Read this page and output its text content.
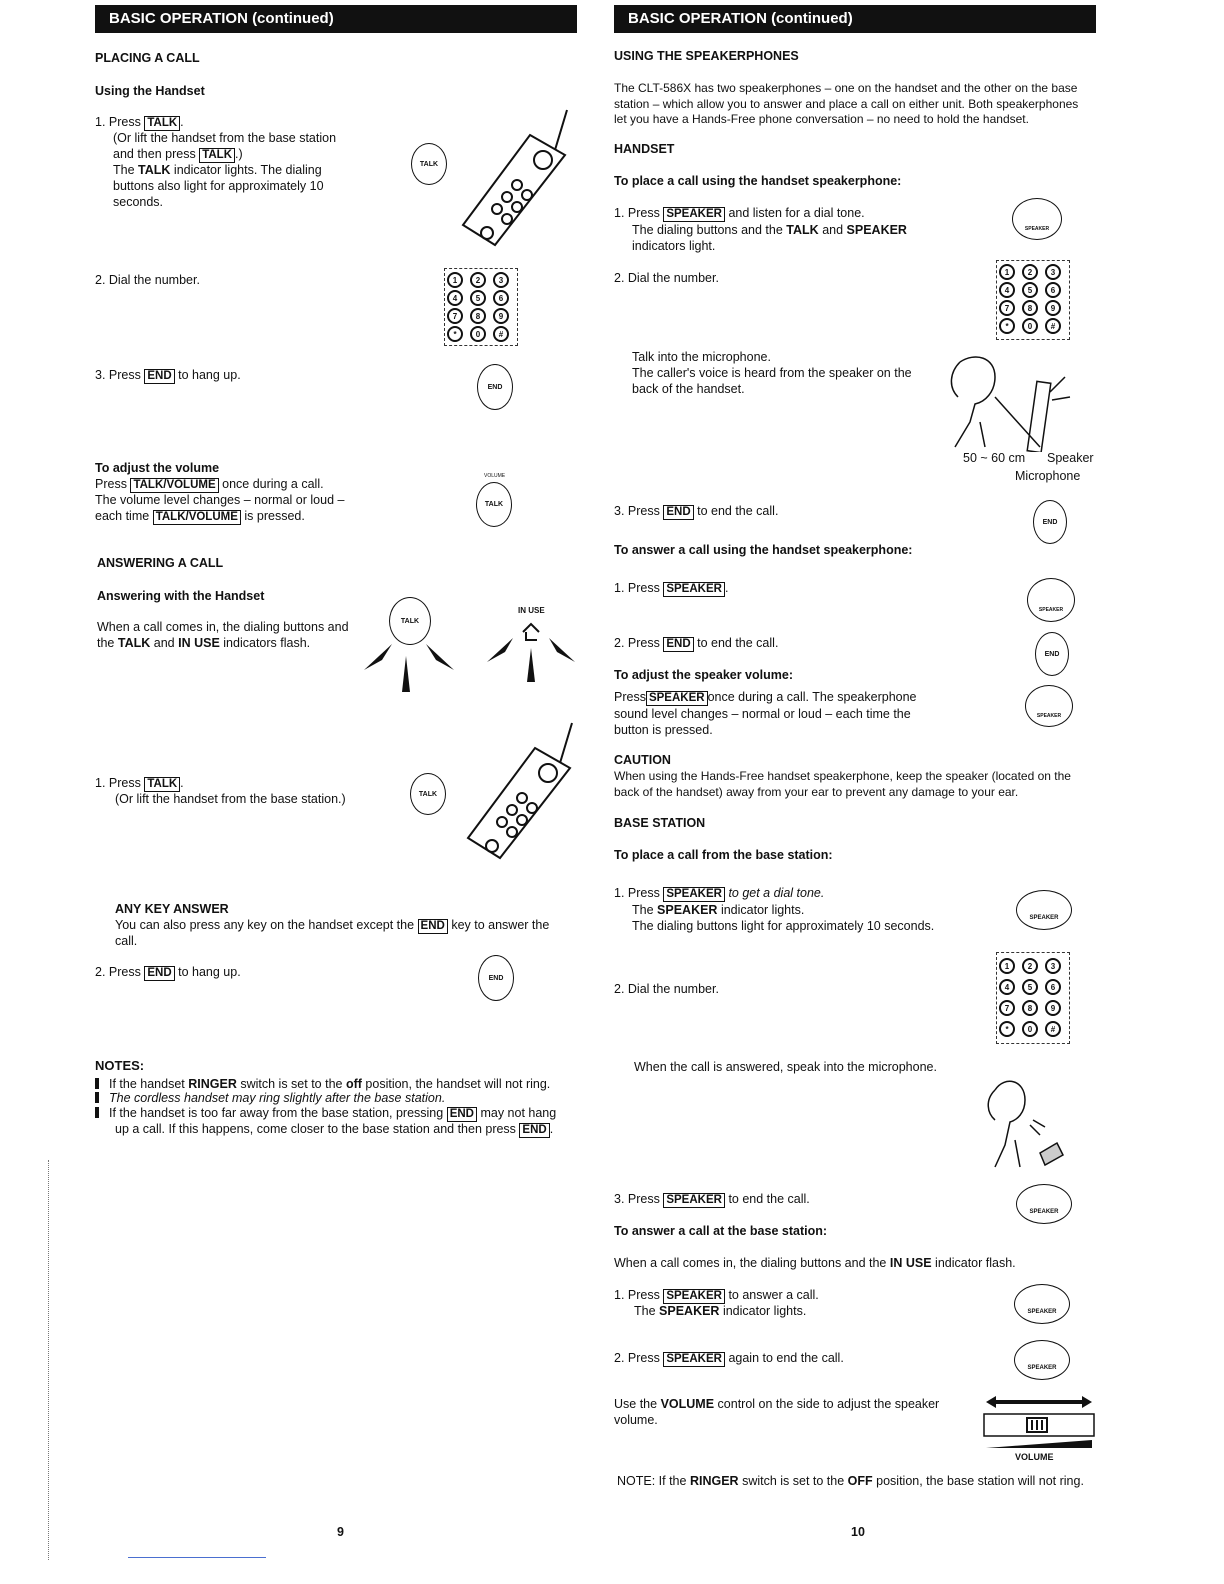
BASIC OPERATION (continued)
PLACING A CALL
Using the Handset
1. Press TALK .
(Or lift the handset from the base station
and then press TALK .)
The TALK indicator lights. The dialing
buttons also light for approximately 10
seconds.
TALK
2. Dial the number.	1	2	3
4	5	6
7	8	9
*	0	#
3. Press END to hang up.
END
To adjust the volume
Press TALK/VOLUME once during a call.
The volume level changes – normal or loud –
each time TALK/VOLUME is pressed.
VOLUME
TALK
ANSWERING A CALL
Answering with the Handset
When a call comes in, the dialing buttons and
the TALK and IN USE indicators flash.
TALK
IN USE
1. Press TALK .
(Or lift the handset from the base station.)	TALK
ANY KEY ANSWER
You can also press any key on the handset except the END key to answer the
call.
2. Press END to hang up.	END
NOTES:
If the handset RINGER switch is set to the off position, the handset will not ring.
The cordless handset may ring slightly after the base station.
If the handset is too far away from the base station, pressing END may not hang
up a call. If this happens, come closer to the base station and then press END .
9
BASIC OPERATION (continued)
USING THE SPEAKERPHONES
The CLT-586X has two speakerphones – one on the handset and the other on the base
station – which allow you to answer and place a call on either unit. Both speakerphones
let you have a Hands-Free phone conversation – no need to hold the handset.
HANDSET
To place a call using the handset speakerphone:
1. Press SPEAKER and listen for a dial tone.
The dialing buttons and the TALK and SPEAKER
indicators light.
SPEAKER
2. Dial the number.	1	2	3
4	5	6
7	8	9
*	0	#
Talk into the microphone.
The caller's voice is heard from the speaker on the
back of the handset.
50 ~ 60 cm Speaker
Microphone
3. Press END to end the call.
END
To answer a call using the handset speakerphone:
1. Press SPEAKER .
SPEAKER
2. Press END to end the call.
END
To adjust the speaker volume:
Press SPEAKER once during a call. The speakerphone
sound level changes – normal or loud – each time the
button is pressed.
SPEAKER
CAUTION
When using the Hands-Free handset speakerphone, keep the speaker (located on the
back of the handset) away from your ear to prevent any damage to your ear.
BASE STATION
To place a call from the base station:
1. Press SPEAKER to get a dial tone.
The SPEAKER indicator lights.
The dialing buttons light for approximately 10 seconds.
SPEAKER
2. Dial the number.
1	2	3
4	5	6
7	8	9
*	0	#
When the call is answered, speak into the microphone.
3. Press SPEAKER to end the call.
SPEAKER
To answer a call at the base station:
When a call comes in, the dialing buttons and the IN USE indicator flash.
1. Press SPEAKER to answer a call.
The SPEAKER indicator lights.	SPEAKER
2. Press SPEAKER again to end the call.
SPEAKER
Use the VOLUME control on the side to adjust the speaker
volume.
VOLUME
NOTE: If the RINGER switch is set to the OFF position, the base station will not ring.
10
